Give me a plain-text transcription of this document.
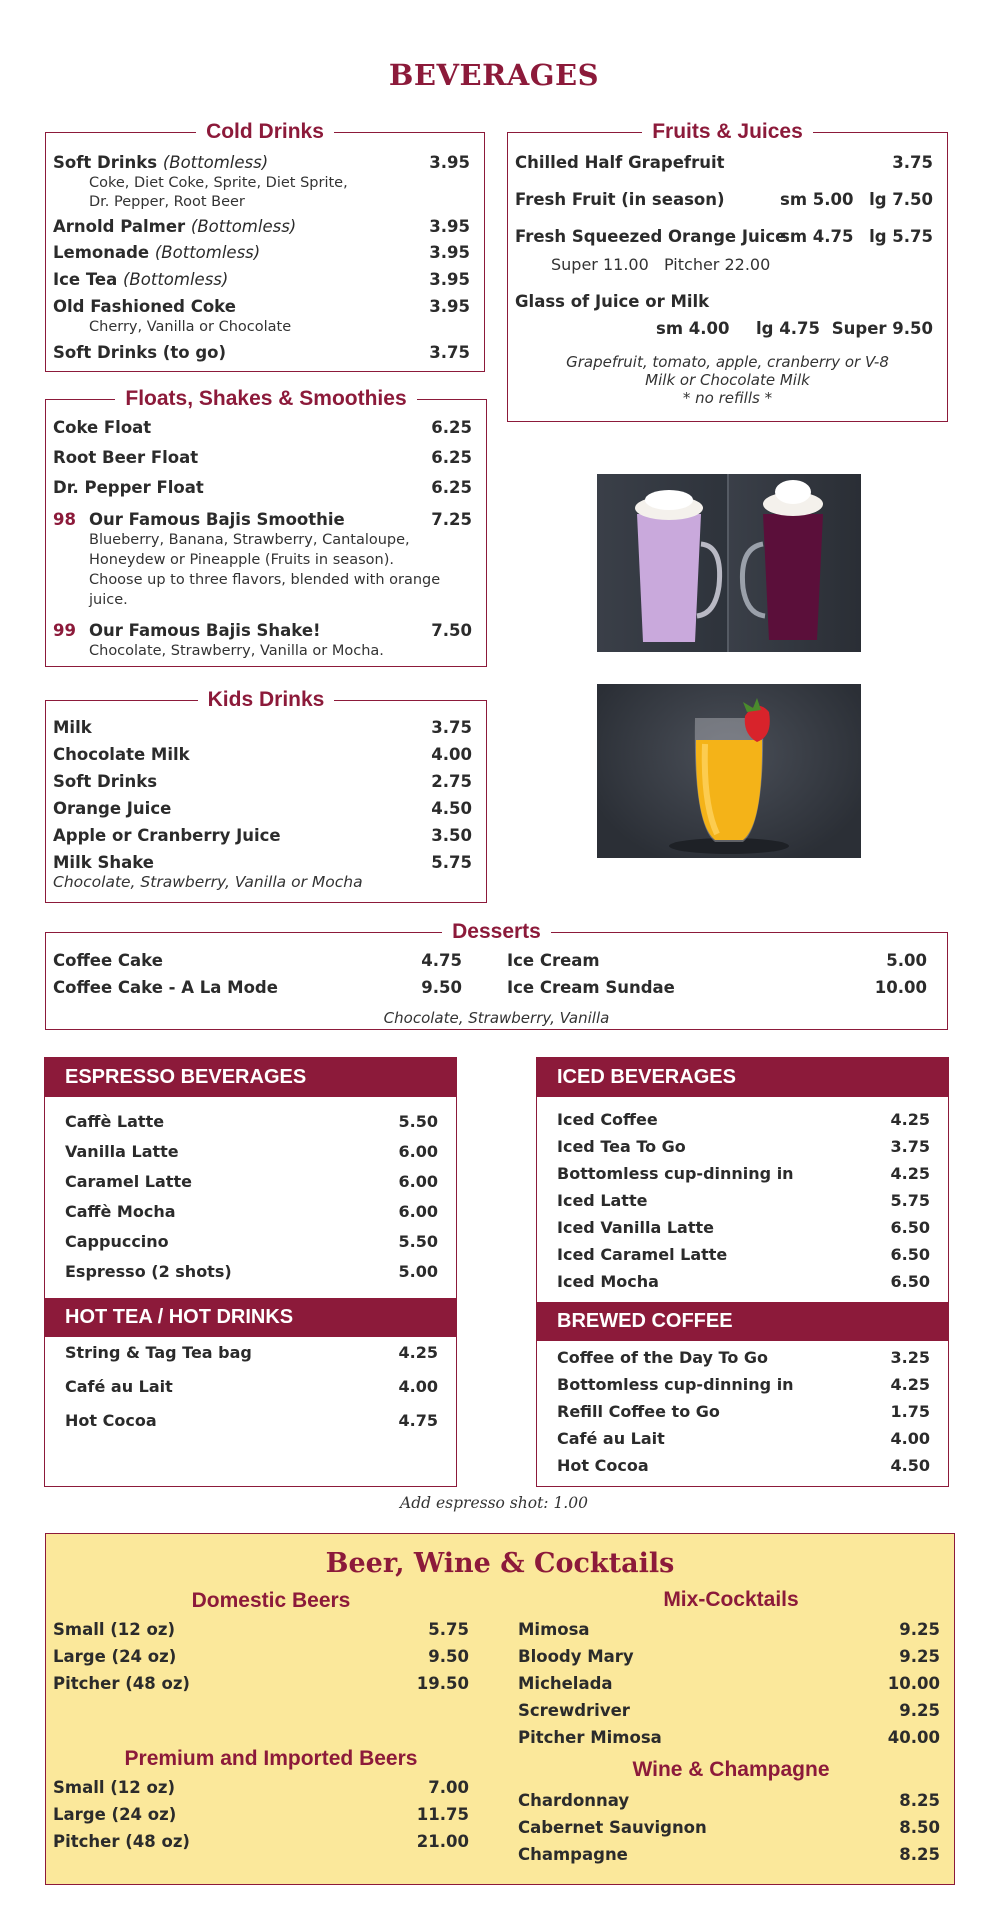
BEVERAGES
Cold Drinks
Soft Drinks (Bottomless)	3.95
Coke, Diet Coke, Sprite, Diet Sprite,
Dr. Pepper, Root Beer
Arnold Palmer (Bottomless)	3.95
Lemonade (Bottomless)	3.95
Ice Tea (Bottomless)	3.95
Old Fashioned Coke	3.95
Cherry, Vanilla or Chocolate
Soft Drinks (to go)	3.75
Fruits & Juices
Chilled Half Grapefruit	3.75
Fresh Fruit (in season)	sm 5.00 lg 7.50
Fresh Squeezed Orange Juice
sm 4.75 lg 5.75
Super 11.00 Pitcher 22.00
Glass of Juice or Milk
sm 4.00 lg 4.75 Super 9.50
Grapefruit, tomato, apple, cranberry or V-8
Milk or Chocolate Milk
* no refills *
Floats, Shakes & Smoothies
Coke Float	6.25
Root Beer Float	6.25
Dr. Pepper Float	6.25
98 Our Famous Bajis Smoothie	7.25
Blueberry, Banana, Strawberry, Cantaloupe,
Honeydew or Pineapple (Fruits in season).
Choose up to three flavors, blended with orange
juice.
99 Our Famous Bajis Shake!	7.50
Chocolate, Strawberry, Vanilla or Mocha.
Kids Drinks
Milk	3.75
Chocolate Milk	4.00
Soft Drinks	2.75
Orange Juice	4.50
Apple or Cranberry Juice	3.50
Milk Shake	5.75
Chocolate, Strawberry, Vanilla or Mocha
Desserts
Coffee Cake	4.75
Coffee Cake - A La Mode	9.50
Ice Cream	5.00
Ice Cream Sundae	10.00
Chocolate, Strawberry, Vanilla
ESPRESSO BEVERAGES
Caffè Latte	5.50
Vanilla Latte	6.00
Caramel Latte	6.00
Caffè Mocha	6.00
Cappuccino	5.50
Espresso (2 shots)	5.00
HOT TEA / HOT DRINKS
String & Tag Tea bag	4.25
Café au Lait	4.00
Hot Cocoa	4.75
ICED BEVERAGES
Iced Coffee	4.25
Iced Tea To Go	3.75
Bottomless cup-dinning in	4.25
Iced Latte	5.75
Iced Vanilla Latte	6.50
Iced Caramel Latte	6.50
Iced Mocha	6.50
BREWED COFFEE
Coffee of the Day To Go	3.25
Bottomless cup-dinning in	4.25
Refill Coffee to Go	1.75
Café au Lait	4.00
Hot Cocoa	4.50
Add espresso shot: 1.00
Beer, Wine & Cocktails
Domestic Beers
Small (12 oz)	5.75
Large (24 oz)	9.50
Pitcher (48 oz)	19.50
Premium and Imported Beers
Small (12 oz)	7.00
Large (24 oz)	11.75
Pitcher (48 oz)	21.00
Mix-Cocktails
Mimosa	9.25
Bloody Mary	9.25
Michelada	10.00
Screwdriver	9.25
Pitcher Mimosa	40.00
Wine & Champagne
Chardonnay	8.25
Cabernet Sauvignon	8.50
Champagne	8.25
